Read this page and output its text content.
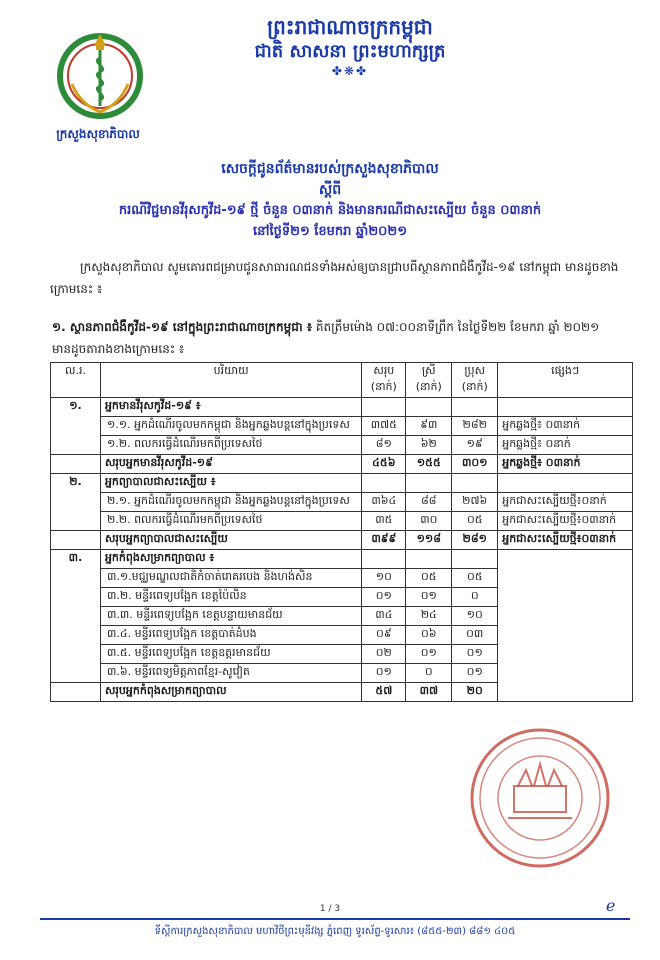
ក្រសួងសុខាភិបាល
ព្រះរាជាណាចក្រកម្ពុជា
ជាតិ សាសនា ព្រះមហាក្សត្រ
✤❋✤
សេចក្តីជូនព័ត៌មានរបស់ក្រសួងសុខាភិបាល
ស្តីពី
ករណីវិជ្ជមានវីរុសកូវីដ-១៩ ថ្មី ចំនួន ០៣នាក់ និងមានករណីជាសះស្បើយ ចំនួន ០៣នាក់
នៅថ្ងៃទី២១ ខែមករា ឆ្នាំ២០២១
ក្រសួងសុខាភិបាល សូមគោរពជម្រាបជូនសាធារណជនទាំងអស់ឲ្យបានជ្រាបពីស្ថានភាពជំងឺកូវីដ-១៩ នៅកម្ពុជា មានដូចខាងក្រោមនេះ ៖
១. ស្ថានភាពជំងឺកូវីដ-១៩ នៅក្នុងព្រះរាជាណាចក្រកម្ពុជា ៖ គិតត្រឹមម៉ោង ០៧:០០នាទីព្រឹក នៃថ្ងៃទី២២ ខែមករា ឆ្នាំ ២០២១ មានដូចតារាងខាងក្រោមនេះ ៖
ល.រ.	បរិយាយ	សរុប (នាក់)	ស្រី (នាក់)	ប្រុស (នាក់)	ផ្សេងៗ
១.	អ្នកមានវីរុសកូវីដ-១៩ ៖				
	១.១. អ្នកដំណើរចូលមកកម្ពុជា និងអ្នកឆ្លងបន្តនៅក្នុងប្រទេស	៣៧៥	៩៣	២៨២	អ្នកឆ្លងថ្មី៖ ០៣នាក់
	១.២. ពលករធ្វើដំណើរមកពីប្រទេសថៃ	៨១	៦២	១៩	អ្នកឆ្លងថ្មី៖ ០នាក់
	សរុបអ្នកមានវីរុសកូវីដ-១៩	៤៥៦	១៥៥	៣០១	អ្នកឆ្លងថ្មី៖ ០៣នាក់
២.	អ្នកព្យាបាលជាសះស្បើយ ៖				
	២.១. អ្នកដំណើរចូលមកកម្ពុជា និងអ្នកឆ្លងបន្តនៅក្នុងប្រទេស	៣៦៤	៨៨	២៧៦	អ្នកជាសះស្បើយថ្មី៖០នាក់
	២.២. ពលករធ្វើដំណើរមកពីប្រទេសថៃ	៣៥	៣០	០៥	អ្នកជាសះស្បើយថ្មី៖០៣នាក់
	សរុបអ្នកព្យាបាលជាសះស្បើយ	៣៩៩	១១៨	២៨១	អ្នកជាសះស្បើយថ្មី៖០៣នាក់
៣.	អ្នកកំពុងសម្រាកព្យាបាល ៖				
	៣.១.មជ្ឈមណ្ឌលជាតិកំចាត់រោគរបេង និងហង់សិន	១០	០៥	០៥	
	៣.២. មន្ទីរពេទ្យបង្អែក ខេត្តប៉ៃលិន	០១	០១	០	
	៣.៣. មន្ទីរពេទ្យបង្អែក ខេត្តបន្ទាយមានជ័យ	៣៤	២៤	១០	
	៣.៤. មន្ទីរពេទ្យបង្អែក ខេត្តបាត់ដំបង	០៩	០៦	០៣	
	៣.៥. មន្ទីរពេទ្យបង្អែក ខេត្តឧត្តរមានជ័យ	០២	០១	០១	
	៣.៦. មន្ទីរពេទ្យមិត្តភាពខ្មែរ-សូវៀត	០១	០	០១	
	សរុបអ្នកកំពុងសម្រាកព្យាបាល	៥៧	៣៧	២០	
1 / 3	ℯ
ទីស្តីការក្រសួងសុខាភិបាល មហាវិថីព្រះមុនីវង្ស ភ្នំពេញ ទូរស័ព្ទ-ទូរសារ៖ (៨៥៥-២៣) ៨៨១ ៤០៥
